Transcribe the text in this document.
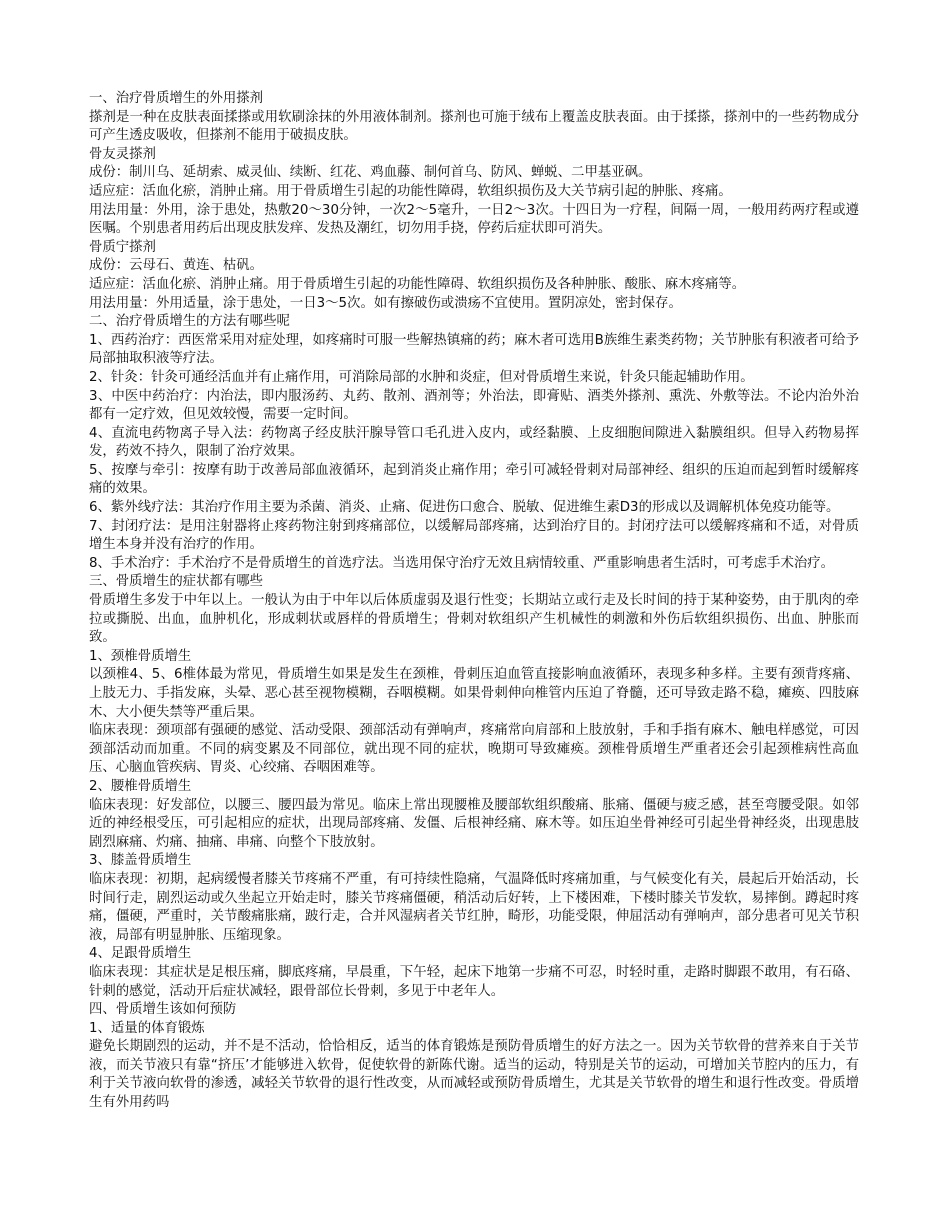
一、治疗骨质增生的外用搽剂

搽剂是一种在皮肤表面揉搽或用软刷涂抹的外用液体制剂。搽剂也可施于绒布上覆盖皮肤表面。由于揉搽，搽剂中的一些药物成分可产生透皮吸收，但搽剂不能用于破损皮肤。

骨友灵搽剂

成份：制川乌、延胡索、威灵仙、续断、红花、鸡血藤、制何首乌、防风、蝉蜕、二甲基亚砜。

适应症：活血化瘀，消肿止痛。用于骨质增生引起的功能性障碍，软组织损伤及大关节病引起的肿胀、疼痛。

用法用量：外用，涂于患处，热敷20～30分钟，一次2～5毫升，一日2～3次。十四日为一疗程，间隔一周，一般用药两疗程或遵医嘱。个别患者用药后出现皮肤发痒、发热及潮红，切勿用手挠，停药后症状即可消失。

骨质宁搽剂

成份：云母石、黄连、枯矾。

适应症：活血化瘀、消肿止痛。用于骨质增生引起的功能性障碍、软组织损伤及各种肿胀、酸胀、麻木疼痛等。

用法用量：外用适量，涂于患处，一日3～5次。如有擦破伤或溃疡不宜使用。置阴凉处，密封保存。

二、治疗骨质增生的方法有哪些呢

1、西药治疗：西医常采用对症处理，如疼痛时可服一些解热镇痛的药；麻木者可选用B族维生素类药物；关节肿胀有积液者可给予局部抽取积液等疗法。

2、针灸：针灸可通经活血并有止痛作用，可消除局部的水肿和炎症，但对骨质增生来说，针灸只能起辅助作用。

3、中医中药治疗：内治法，即内服汤药、丸药、散剂、酒剂等；外治法，即膏贴、酒类外搽剂、熏洗、外敷等法。不论内治外治都有一定疗效，但见效较慢，需要一定时间。

4、直流电药物离子导入法：药物离子经皮肤汗腺导管口毛孔进入皮内，或经黏膜、上皮细胞间隙进入黏膜组织。但导入药物易挥发，药效不持久，限制了治疗效果。

5、按摩与牵引：按摩有助于改善局部血液循环，起到消炎止痛作用；牵引可减轻骨刺对局部神经、组织的压迫而起到暂时缓解疼痛的效果。

6、紫外线疗法：其治疗作用主要为杀菌、消炎、止痛、促进伤口愈合、脱敏、促进维生素D3的形成以及调解机体免疫功能等。

7、封闭疗法：是用注射器将止疼药物注射到疼痛部位，以缓解局部疼痛，达到治疗目的。封闭疗法可以缓解疼痛和不适，对骨质增生本身并没有治疗的作用。

8、手术治疗：手术治疗不是骨质增生的首选疗法。当选用保守治疗无效且病情较重、严重影响患者生活时，可考虑手术治疗。

三、骨质增生的症状都有哪些

骨质增生多发于中年以上。一般认为由于中年以后体质虚弱及退行性变；长期站立或行走及长时间的持于某种姿势，由于肌肉的牵拉或撕脱、出血，血肿机化，形成刺状或唇样的骨质增生；骨刺对软组织产生机械性的刺激和外伤后软组织损伤、出血、肿胀而致。

1、颈椎骨质增生

以颈椎4、5、6椎体最为常见，骨质增生如果是发生在颈椎，骨刺压迫血管直接影响血液循环，表现多种多样。主要有颈背疼痛、上肢无力、手指发麻，头晕、恶心甚至视物模糊，吞咽模糊。如果骨刺伸向椎管内压迫了脊髓，还可导致走路不稳，瘫痪、四肢麻木、大小便失禁等严重后果。

临床表现：颈项部有强硬的感觉、活动受限、颈部活动有弹响声，疼痛常向肩部和上肢放射，手和手指有麻木、触电样感觉，可因颈部活动而加重。不同的病变累及不同部位，就出现不同的症状，晚期可导致瘫痪。颈椎骨质增生严重者还会引起颈椎病性高血压、心脑血管疾病、胃炎、心绞痛、吞咽困难等。

2、腰椎骨质增生

临床表现：好发部位，以腰三、腰四最为常见。临床上常出现腰椎及腰部软组织酸痛、胀痛、僵硬与疲乏感，甚至弯腰受限。如邻近的神经根受压，可引起相应的症状，出现局部疼痛、发僵、后根神经痛、麻木等。如压迫坐骨神经可引起坐骨神经炎，出现患肢剧烈麻痛、灼痛、抽痛、串痛、向整个下肢放射。

3、膝盖骨质增生

临床表现：初期，起病缓慢者膝关节疼痛不严重，有可持续性隐痛，气温降低时疼痛加重，与气候变化有关，晨起后开始活动，长时间行走，剧烈运动或久坐起立开始走时，膝关节疼痛僵硬，稍活动后好转，上下楼困难，下楼时膝关节发软，易摔倒。蹲起时疼痛，僵硬，严重时，关节酸痛胀痛，跛行走，合并风湿病者关节红肿，畸形，功能受限，伸屈活动有弹响声，部分患者可见关节积液，局部有明显肿胀、压缩现象。

4、足跟骨质增生

临床表现：其症状是足根压痛，脚底疼痛，早晨重，下午轻，起床下地第一步痛不可忍，时轻时重，走路时脚跟不敢用，有石硌、针刺的感觉，活动开后症状减轻，跟骨部位长骨刺，多见于中老年人。

四、骨质增生该如何预防

1、适量的体育锻炼

避免长期剧烈的运动，并不是不活动，恰恰相反，适当的体育锻炼是预防骨质增生的好方法之一。因为关节软骨的营养来自于关节液，而关节液只有靠“挤压’才能够进入软骨，促使软骨的新陈代谢。适当的运动，特别是关节的运动，可增加关节腔内的压力，有利于关节液向软骨的渗透，减轻关节软骨的退行性改变，从而减轻或预防骨质增生，尤其是关节软骨的增生和退行性改变。骨质增生有外用药吗
